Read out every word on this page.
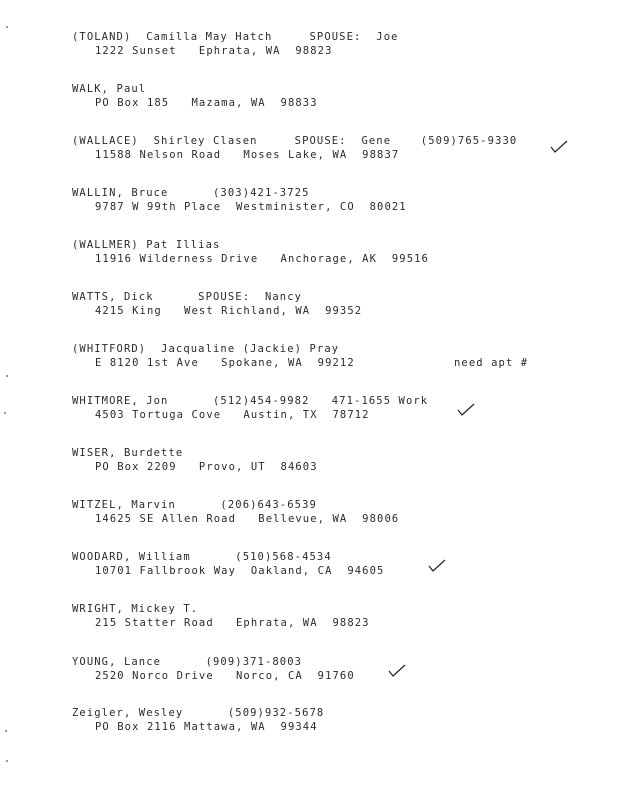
(TOLAND)  Camilla May Hatch     SPOUSE:  Joe
1222 Sunset   Ephrata, WA  98823
WALK, Paul
PO Box 185   Mazama, WA  98833
(WALLACE)  Shirley Clasen     SPOUSE:  Gene    (509)765-9330
11588 Nelson Road   Moses Lake, WA  98837
WALLIN, Bruce      (303)421-3725
9787 W 99th Place  Westminister, CO  80021
(WALLMER) Pat Illias
11916 Wilderness Drive   Anchorage, AK  99516
WATTS, Dick      SPOUSE:  Nancy
4215 King   West Richland, WA  99352
(WHITFORD)  Jacqualine (Jackie) Pray
E 8120 1st Ave   Spokane, WA  99212
WHITMORE, Jon      (512)454-9982   471-1655 Work
4503 Tortuga Cove   Austin, TX  78712
WISER, Burdette
PO Box 2209   Provo, UT  84603
WITZEL, Marvin      (206)643-6539
14625 SE Allen Road   Bellevue, WA  98006
WOODARD, William      (510)568-4534
10701 Fallbrook Way  Oakland, CA  94605
WRIGHT, Mickey T.
215 Statter Road   Ephrata, WA  98823
YOUNG, Lance      (909)371-8003
2520 Norco Drive   Norco, CA  91760
Zeigler, Wesley      (509)932-5678
PO Box 2116 Mattawa, WA  99344
need apt #
